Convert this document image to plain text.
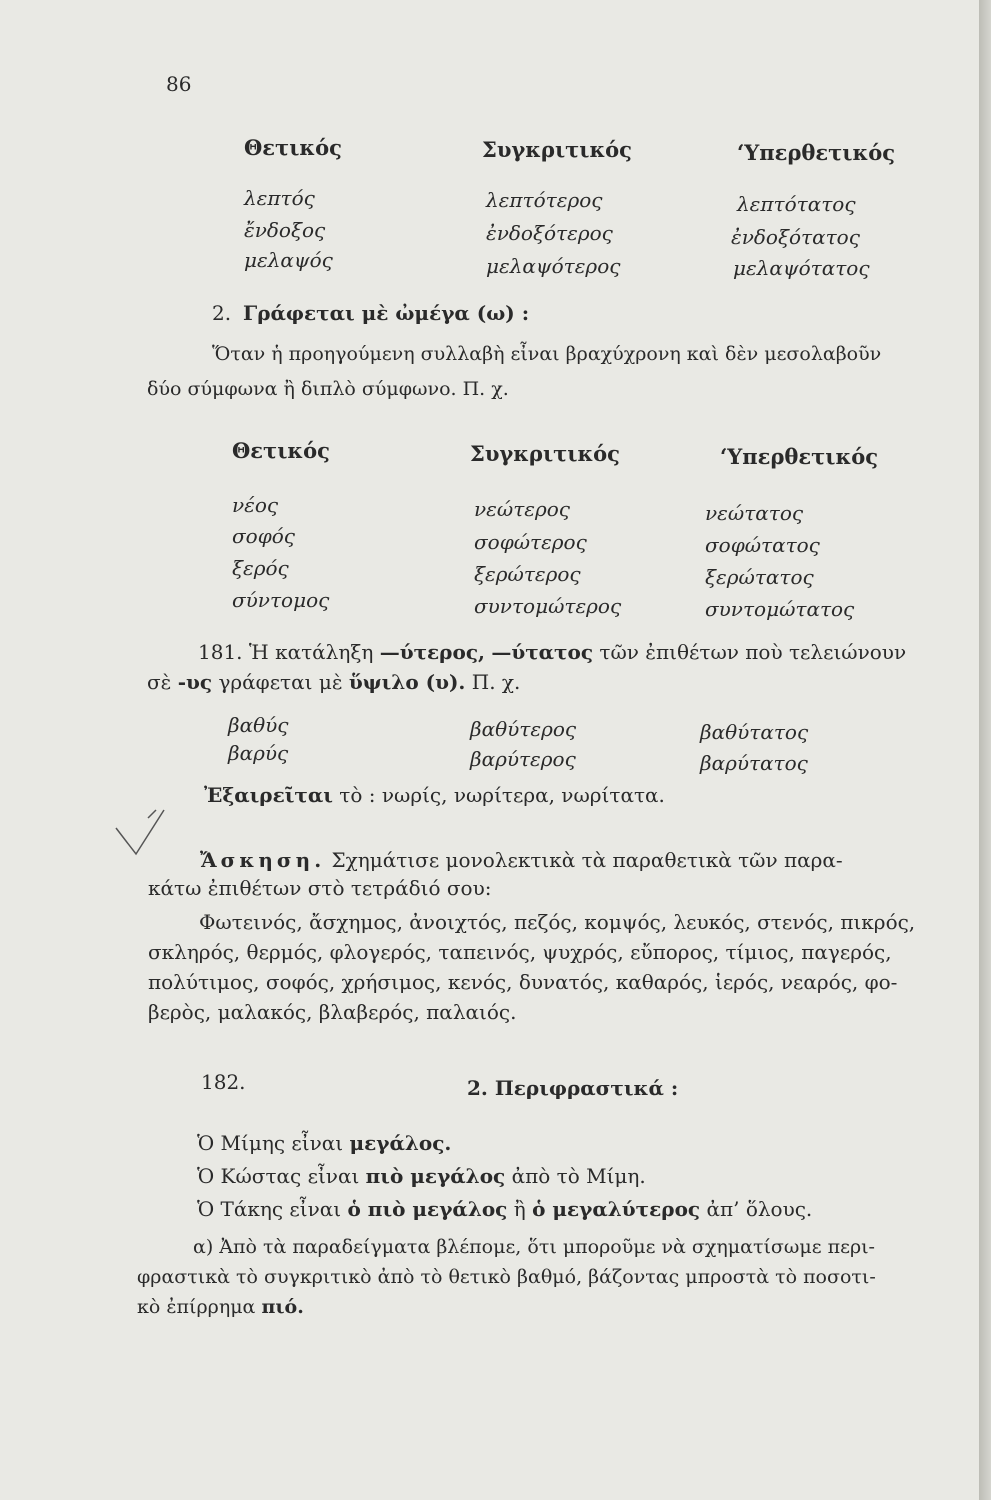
86
Θετικός	Συγκριτικός	‘Υπερθετικός
λεπτός	λεπτότερος	λεπτότατος
ἔνδοξος	ἐνδοξότερος	ἐνδοξότατος
μελαψός	μελαψότερος	μελαψότατος
2. Γράφεται μὲ ὠμέγα (ω) :
Ὅταν ἡ προηγούμενη συλλαβὴ εἶναι βραχύχρονη καὶ δὲν μεσολαβοῦν
δύο σύμφωνα ἢ διπλὸ σύμφωνο. Π. χ.
Θετικός	Συγκριτικός	‘Υπερθετικός
νέος	νεώτερος	νεώτατος
σοφός	σοφώτερος	σοφώτατος
ξερός	ξερώτερος	ξερώτατος
σύντομος	συντομώτερος	συντομώτατος
181. Ἡ κατάληξη —ύτερος, —ύτατος τῶν ἐπιθέτων ποὺ τελειώνουν
σὲ -υς γράφεται μὲ ὕψιλο (υ). Π. χ.
βαθύς	βαθύτερος	βαθύτατος
βαρύς	βαρύτερος	βαρύτατος
Ἐξαιρεῖται τὸ : νωρίς, νωρίτερα, νωρίτατα.
Ἄσκηση. Σχημάτισε μονολεκτικὰ τὰ παραθετικὰ τῶν παρα-
κάτω ἐπιθέτων στὸ τετράδιό σου:
Φωτεινός, ἄσχημος, ἀνοιχτός, πεζός, κομψός, λευκός, στενός, πικρός,
σκληρός, θερμός, φλογερός, ταπεινός, ψυχρός, εὔπορος, τίμιος, παγερός,
πολύτιμος, σοφός, χρήσιμος, κενός, δυνατός, καθαρός, ἱερός, νεαρός, φο-
βερὸς, μαλακός, βλαβερός, παλαιός.
182.	2. Περιφραστικά :
Ὁ Μίμης εἶναι μεγάλος.
Ὁ Κώστας εἶναι πιὸ μεγάλος ἀπὸ τὸ Μίμη.
Ὁ Τάκης εἶναι ὁ πιὸ μεγάλος ἢ ὁ μεγαλύτερος ἀπ’ ὅλους.
α) Ἀπὸ τὰ παραδείγματα βλέπομε, ὅτι μποροῦμε νὰ σχηματίσωμε περι-
φραστικὰ τὸ συγκριτικὸ ἀπὸ τὸ θετικὸ βαθμό, βάζοντας μπροστὰ τὸ ποσοτι-
κὸ ἐπίρρημα πιό.
